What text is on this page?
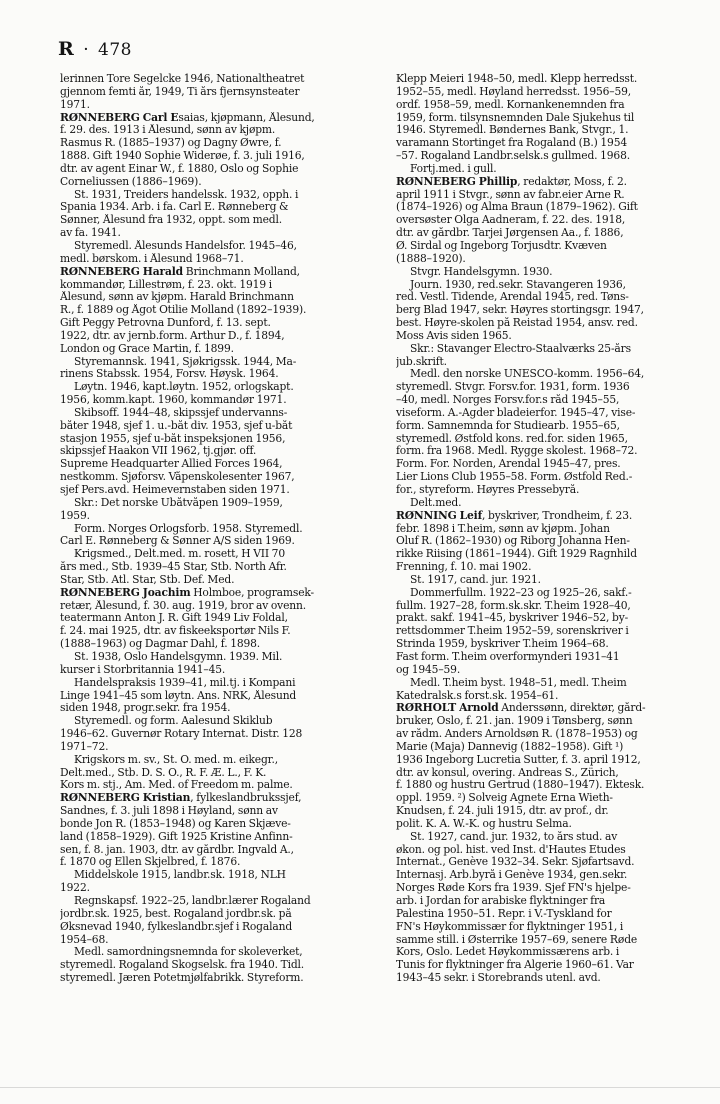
R · 478
lerinnen Tore Segelcke 1946, Nationaltheatret
gjennom femti år, 1949, Ti års fjernsynsteater
1971.
RØNNEBERG Carl Esaias, kjøpmann, Ålesund,
f. 29. des. 1913 i Ålesund, sønn av kjøpm.
Rasmus R. (1885–1937) og Dagny Øwre, f.
1888. Gift 1940 Sophie Widerøe, f. 3. juli 1916,
dtr. av agent Einar W., f. 1880, Oslo og Sophie
Corneliussen (1886–1969).
St. 1931, Treiders handelssk. 1932, opph. i
Spania 1934. Arb. i fa. Carl E. Rønneberg &
Sønner, Ålesund fra 1932, oppt. som medl.
av fa. 1941.
Styremedl. Ålesunds Handelsfor. 1945–46,
medl. børskom. i Ålesund 1968–71.
RØNNEBERG Harald Brinchmann Molland,
kommandør, Lillestrøm, f. 23. okt. 1919 i
Ålesund, sønn av kjøpm. Harald Brinchmann
R., f. 1889 og Ågot Otilie Molland (1892–1939).
Gift Peggy Petrovna Dunford, f. 13. sept.
1922, dtr. av jernb.form. Arthur D., f. 1894,
London og Grace Martin, f. 1899.
Styremannsk. 1941, Sjøkrigssk. 1944, Ma-
rinens Stabssk. 1954, Forsv. Høysk. 1964.
Løytn. 1946, kapt.løytn. 1952, orlogskapt.
1956, komm.kapt. 1960, kommandør 1971.
Skibsoff. 1944–48, skipssjef undervanns-
båter 1948, sjef 1. u.-båt div. 1953, sjef u-båt
stasjon 1955, sjef u-båt inspeksjonen 1956,
skipssjef Haakon VII 1962, tj.gjør. off.
Supreme Headquarter Allied Forces 1964,
nestkomm. Sjøforsv. Våpenskolesenter 1967,
sjef Pers.avd. Heimevernstaben siden 1971.
Skr.: Det norske Ubåtvåpen 1909–1959,
1959.
Form. Norges Orlogsforb. 1958. Styremedl.
Carl E. Rønneberg & Sønner A/S siden 1969.
Krigsmed., Delt.med. m. rosett, H VII 70
års med., Stb. 1939–45 Star, Stb. North Afr.
Star, Stb. Atl. Star, Stb. Def. Med.
RØNNEBERG Joachim Holmboe, programsek-
retær, Ålesund, f. 30. aug. 1919, bror av ovenn.
teatermann Anton J. R. Gift 1949 Liv Foldal,
f. 24. mai 1925, dtr. av fiskeeksportør Nils F.
(1888–1963) og Dagmar Dahl, f. 1898.
St. 1938, Oslo Handelsgymn. 1939. Mil.
kurser i Storbritannia 1941–45.
Handelspraksis 1939–41, mil.tj. i Kompani
Linge 1941–45 som løytn. Ans. NRK, Ålesund
siden 1948, progr.sekr. fra 1954.
Styremedl. og form. Aalesund Skiklub
1946–62. Guvernør Rotary Internat. Distr. 128
1971–72.
Krigskors m. sv., St. O. med. m. eikegr.,
Delt.med., Stb. D. S. O., R. F. Æ. L., F. K.
Kors m. stj., Am. Med. of Freedom m. palme.
RØNNEBERG Kristian, fylkeslandbrukssjef,
Sandnes, f. 3. juli 1898 i Høyland, sønn av
bonde Jon R. (1853–1948) og Karen Skjæve-
land (1858–1929). Gift 1925 Kristine Anfinn-
sen, f. 8. jan. 1903, dtr. av gårdbr. Ingvald A.,
f. 1870 og Ellen Skjelbred, f. 1876.
Middelskole 1915, landbr.sk. 1918, NLH
1922.
Regnskapsf. 1922–25, landbr.lærer Rogaland
jordbr.sk. 1925, best. Rogaland jordbr.sk. på
Øksnevad 1940, fylkeslandbr.sjef i Rogaland
1954–68.
Medl. samordningsnemnda for skoleverket,
styremedl. Rogaland Skogselsk. fra 1940. Tidl.
styremedl. Jæren Potetmjølfabrikk. Styreform.
Klepp Meieri 1948–50, medl. Klepp herredsst.
1952–55, medl. Høyland herredsst. 1956–59,
ordf. 1958–59, medl. Kornankenemnden fra
1959, form. tilsynsnemnden Dale Sjukehus til
1946. Styremedl. Bøndernes Bank, Stvgr., 1.
varamann Stortinget fra Rogaland (B.) 1954
–57. Rogaland Landbr.selsk.s gullmed. 1968.
Fortj.med. i gull.
RØNNEBERG Phillip, redaktør, Moss, f. 2.
april 1911 i Stvgr., sønn av fabr.eier Arne R.
(1874–1926) og Alma Braun (1879–1962). Gift
oversøster Olga Aadneram, f. 22. des. 1918,
dtr. av gårdbr. Tarjei Jørgensen Aa., f. 1886,
Ø. Sirdal og Ingeborg Torjusdtr. Kvæven
(1888–1920).
Stvgr. Handelsgymn. 1930.
Journ. 1930, red.sekr. Stavangeren 1936,
red. Vestl. Tidende, Arendal 1945, red. Tøns-
berg Blad 1947, sekr. Høyres stortingsgr. 1947,
best. Høyre-skolen på Reistad 1954, ansv. red.
Moss Avis siden 1965.
Skr.: Stavanger Electro-Staalværks 25-års
jub.skrift.
Medl. den norske UNESCO-komm. 1956–64,
styremedl. Stvgr. Forsv.for. 1931, form. 1936
–40, medl. Norges Forsv.for.s råd 1945–55,
viseform. A.-Agder bladeierfor. 1945–47, vise-
form. Samnemnda for Studiearb. 1955–65,
styremedl. Østfold kons. red.for. siden 1965,
form. fra 1968. Medl. Rygge skolest. 1968–72.
Form. For. Norden, Arendal 1945–47, pres.
Lier Lions Club 1955–58. Form. Østfold Red.-
for., styreform. Høyres Pressebyrå.
Delt.med.
RØNNING Leif, byskriver, Trondheim, f. 23.
febr. 1898 i T.heim, sønn av kjøpm. Johan
Oluf R. (1862–1930) og Riborg Johanna Hen-
rikke Riising (1861–1944). Gift 1929 Ragnhild
Frenning, f. 10. mai 1902.
St. 1917, cand. jur. 1921.
Dommerfullm. 1922–23 og 1925–26, sakf.-
fullm. 1927–28, form.sk.skr. T.heim 1928–40,
prakt. sakf. 1941–45, byskriver 1946–52, by-
rettsdommer T.heim 1952–59, sorenskriver i
Strinda 1959, byskriver T.heim 1964–68.
Fast form. T.heim overformynderi 1931–41
og 1945–59.
Medl. T.heim byst. 1948–51, medl. T.heim
Katedralsk.s forst.sk. 1954–61.
RØRHOLT Arnold Anderssønn, direktør, gård-
bruker, Oslo, f. 21. jan. 1909 i Tønsberg, sønn
av rådm. Anders Arnoldsøn R. (1878–1953) og
Marie (Maja) Dannevig (1882–1958). Gift ¹)
1936 Ingeborg Lucretia Sutter, f. 3. april 1912,
dtr. av konsul, overing. Andreas S., Zürich,
f. 1880 og hustru Gertrud (1880–1947). Ektesk.
oppl. 1959. ²) Solveig Agnete Erna Wieth-
Knudsen, f. 24. juli 1915, dtr. av prof., dr.
polit. K. A. W.-K. og hustru Selma.
St. 1927, cand. jur. 1932, to års stud. av
økon. og pol. hist. ved Inst. d'Hautes Etudes
Internat., Genève 1932–34. Sekr. Sjøfartsavd.
Internasj. Arb.byrå i Genève 1934, gen.sekr.
Norges Røde Kors fra 1939. Sjef FN's hjelpe-
arb. i Jordan for arabiske flyktninger fra
Palestina 1950–51. Repr. i V.-Tyskland for
FN's Høykommissær for flyktninger 1951, i
samme still. i Østerrike 1957–69, senere Røde
Kors, Oslo. Ledet Høykommissærens arb. i
Tunis for flyktninger fra Algerie 1960–61. Var
1943–45 sekr. i Storebrands utenl. avd.
